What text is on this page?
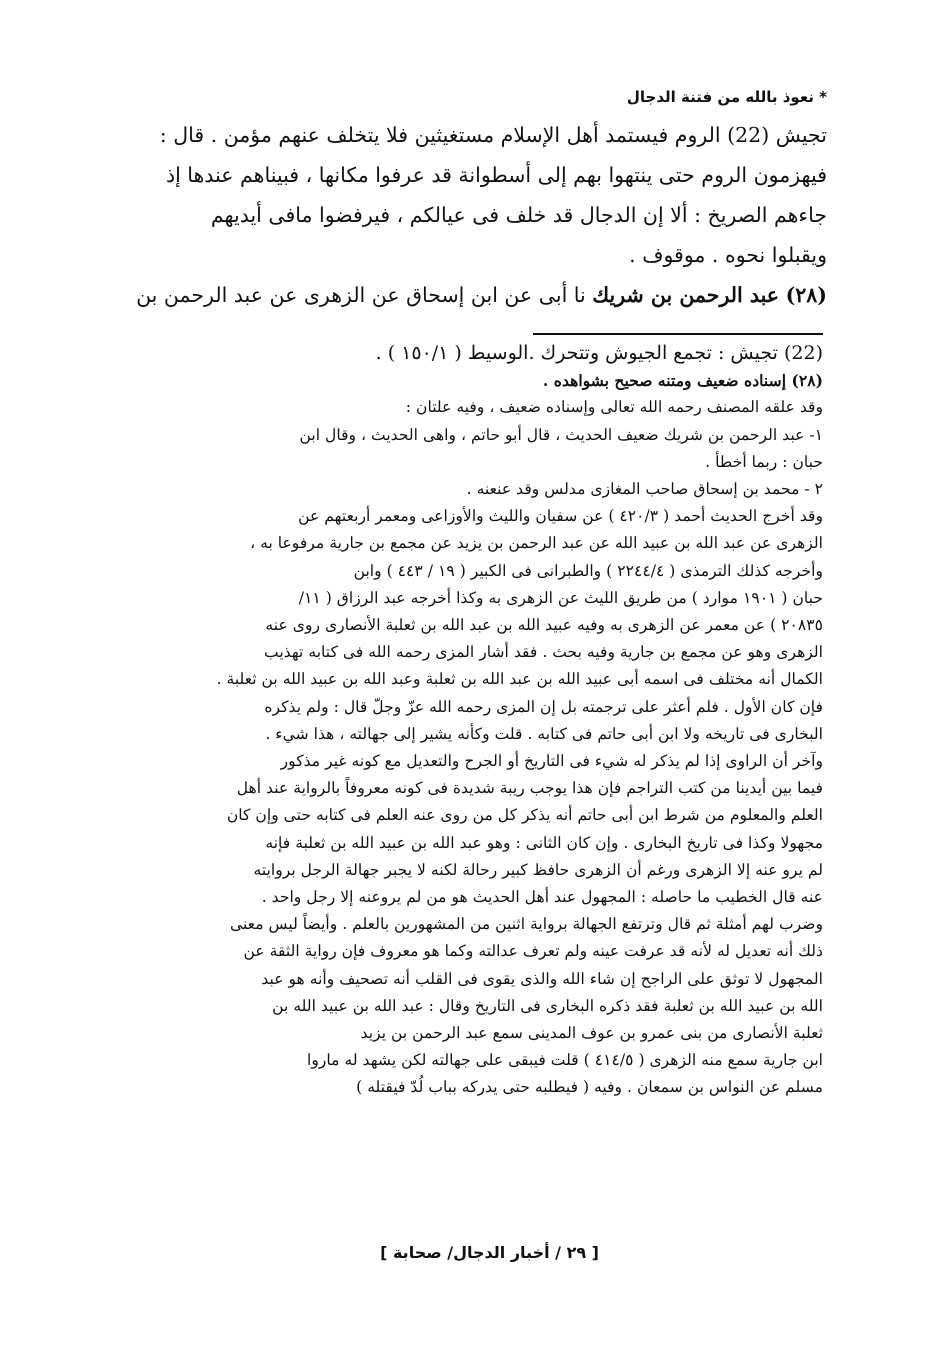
* نعوذ بالله من فتنة الدجال
تجيش (22) الروم فيستمد أهل الإسلام مستغيثين فلا يتخلف عنهم مؤمن . قال :
فيهزمون الروم حتى ينتهوا بهم إلى أسطوانة قد عرفوا مكانها ، فبيناهم عندها إذ
جاءهم الصريخ : ألا إن الدجال قد خلف فى عيالكم ، فيرفضوا مافى أيديهم
ويقبلوا نحوه . موقوف .
(٢٨) عبد الرحمن بن شريك نا أبى عن ابن إسحاق عن الزهرى عن عبد الرحمن بن
(22) تجيش : تجمع الجيوش وتتحرك .الوسيط ( ١٥٠/١ ) .
(٢٨) إسناده ضعيف ومتنه صحيح بشواهده .
وقد علقه المصنف رحمه الله تعالى وإسناده ضعيف ، وفيه علتان :
١- عبد الرحمن بن شريك ضعيف الحديث ، قال أبو حاتم ، واهى الحديث ، وقال ابن
حبان : ربما أخطأ .
٢ - محمد بن إسحاق صاحب المغازى مدلس وقد عنعنه .
وقد أخرج الحديث أحمد ( ٤٢٠/٣ ) عن سفيان والليث والأوزاعى ومعمر أربعتهم عن
الزهرى عن عبد الله بن عبيد الله عن عبد الرحمن بن يزيد عن مجمع بن جارية مرفوعا به ،
وأخرجه كذلك الترمذى ( ٢٢٤٤/٤ ) والطبرانى فى الكبير ( ١٩ / ٤٤٣ ) وابن
حبان ( ١٩٠١ موارد ) من طريق الليث عن الزهرى به وكذا أخرجه عبد الرزاق ( ١١/
٢٠٨٣٥ ) عن معمر عن الزهرى به وفيه عبيد الله بن عبد الله بن ثعلبة الأنصارى روى عنه
الزهرى وهو عن مجمع بن جارية وفيه بحث . فقد أشار المزى رحمه الله فى كتابه تهذيب
الكمال أنه مختلف فى اسمه أبى عبيد الله بن عبد الله بن ثعلبة وعبد الله بن عبيد الله بن ثعلبة .
فإن كان الأول . فلم أعثر على ترجمته بل إن المزى رحمه الله عزّ وجلّ قال : ولم يذكره
البخارى فى تاريخه ولا ابن أبى حاتم فى كتابه . قلت وكأنه يشير إلى جهالته ، هذا شيء .
وآخر أن الراوى إذا لم يذكر له شيء فى التاريخ أو الجرح والتعديل مع كونه غير مذكور
فيما بين أيدينا من كتب التراجم فإن هذا يوجب ريبة شديدة فى كونه معروفاً بالرواية عند أهل
العلم والمعلوم من شرط ابن أبى حاتم أنه يذكر كل من روى عنه العلم فى كتابه حتى وإن كان
مجهولا وكذا فى تاريخ البخارى . وإن كان الثانى : وهو عبد الله بن عبيد الله بن ثعلبة فإنه
لم يرو عنه إلا الزهرى ورغم أن الزهرى حافظ كبير رحالة لكنه لا يجبر جهالة الرجل بروايته
عنه قال الخطيب ما حاصله : المجهول عند أهل الحديث هو من لم يروعنه إلا رجل واحد .
وضرب لهم أمثلة ثم قال وترتفع الجهالة برواية اثنين من المشهورين بالعلم . وأيضاً ليس معنى
ذلك أنه تعديل له لأنه قد عرفت عينه ولم تعرف عدالته وكما هو معروف فإن رواية الثقة عن
المجهول لا توثق على الراجح إن شاء الله والذى يقوى فى القلب أنه تصحيف وأنه هو عبد
الله بن عبيد الله بن ثعلبة فقد ذكره البخارى فى التاريخ وقال : عبد الله بن عبيد الله بن
ثعلبة الأنصارى من بنى عمرو بن عوف المدينى سمع عبد الرحمن بن يزيد
ابن جارية سمع منه الزهرى ( ٤١٤/٥ ) قلت فيبقى على جهالته لكن يشهد له ماروا
مسلم عن النواس بن سمعان . وفيه ( فيطلبه حتى يدركه بباب لُدّ فيقتله )
[ ٢٩ / أخبار الدجال/ صحابة ]
